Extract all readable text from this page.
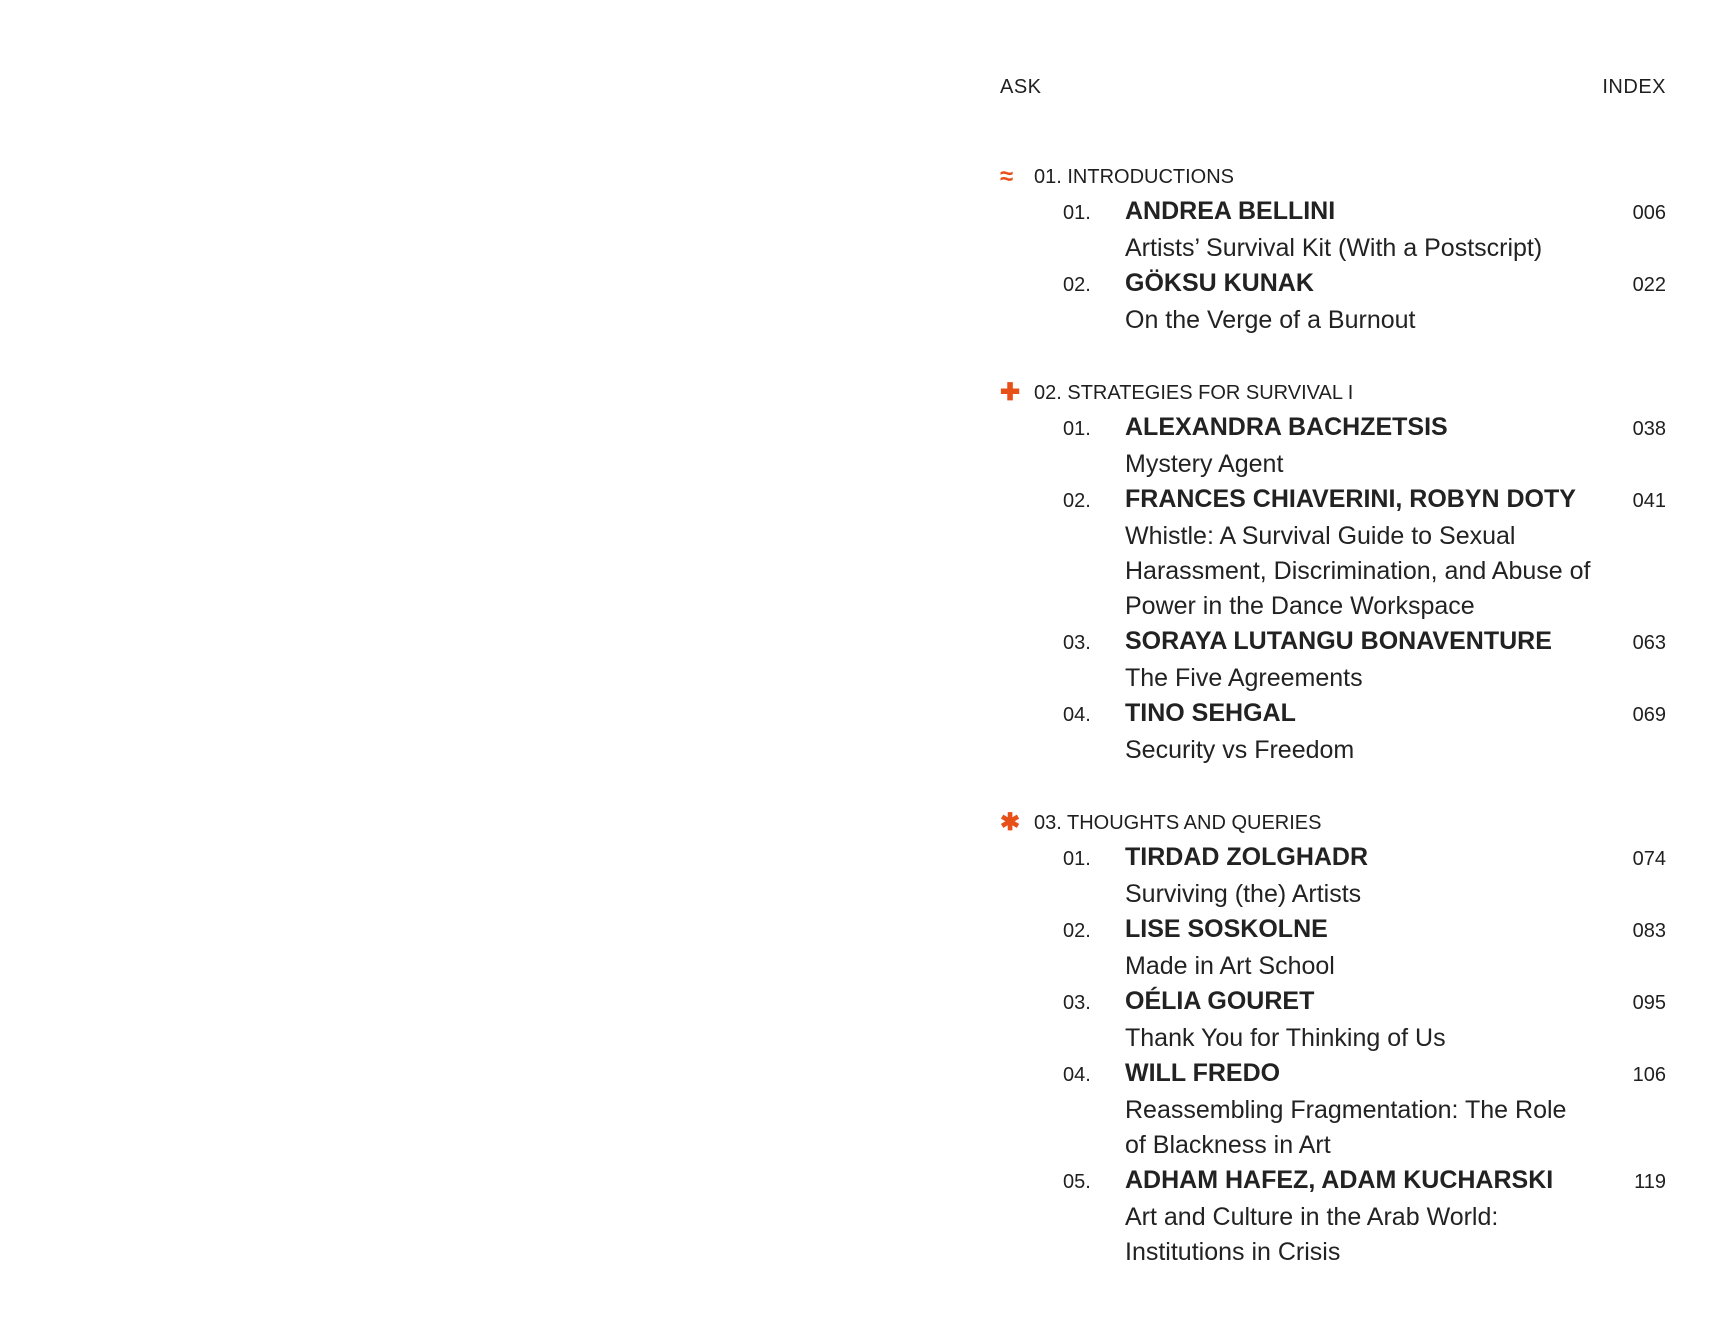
ASK	INDEX
≈	01. INTRODUCTIONS
01.	ANDREA BELLINI	006
Artists’ Survival Kit (With a Postscript)
02.	GÖKSU KUNAK	022
On the Verge of a Burnout
✚ 02. STRATEGIES FOR SURVIVAL I
01.	ALEXANDRA BACHZETSIS	038
Mystery Agent
02.	FRANCES CHIAVERINI, ROBYN DOTY	041
Whistle: A Survival Guide to Sexual Harassment, Discrimination, and Abuse of Power in the Dance Workspace
03.	SORAYA LUTANGU BONAVENTURE	063
The Five Agreements
04.	TINO SEHGAL	069
Security vs Freedom
✱ 03. THOUGHTS AND QUERIES
01.	TIRDAD ZOLGHADR	074
Surviving (the) Artists
02.	LISE SOSKOLNE	083
Made in Art School
03.	OÉLIA GOURET	095
Thank You for Thinking of Us
04.	WILL FREDO	106
Reassembling Fragmentation: The Role of Blackness in Art
05.	ADHAM HAFEZ, ADAM KUCHARSKI	119
Art and Culture in the Arab World: Institutions in Crisis
